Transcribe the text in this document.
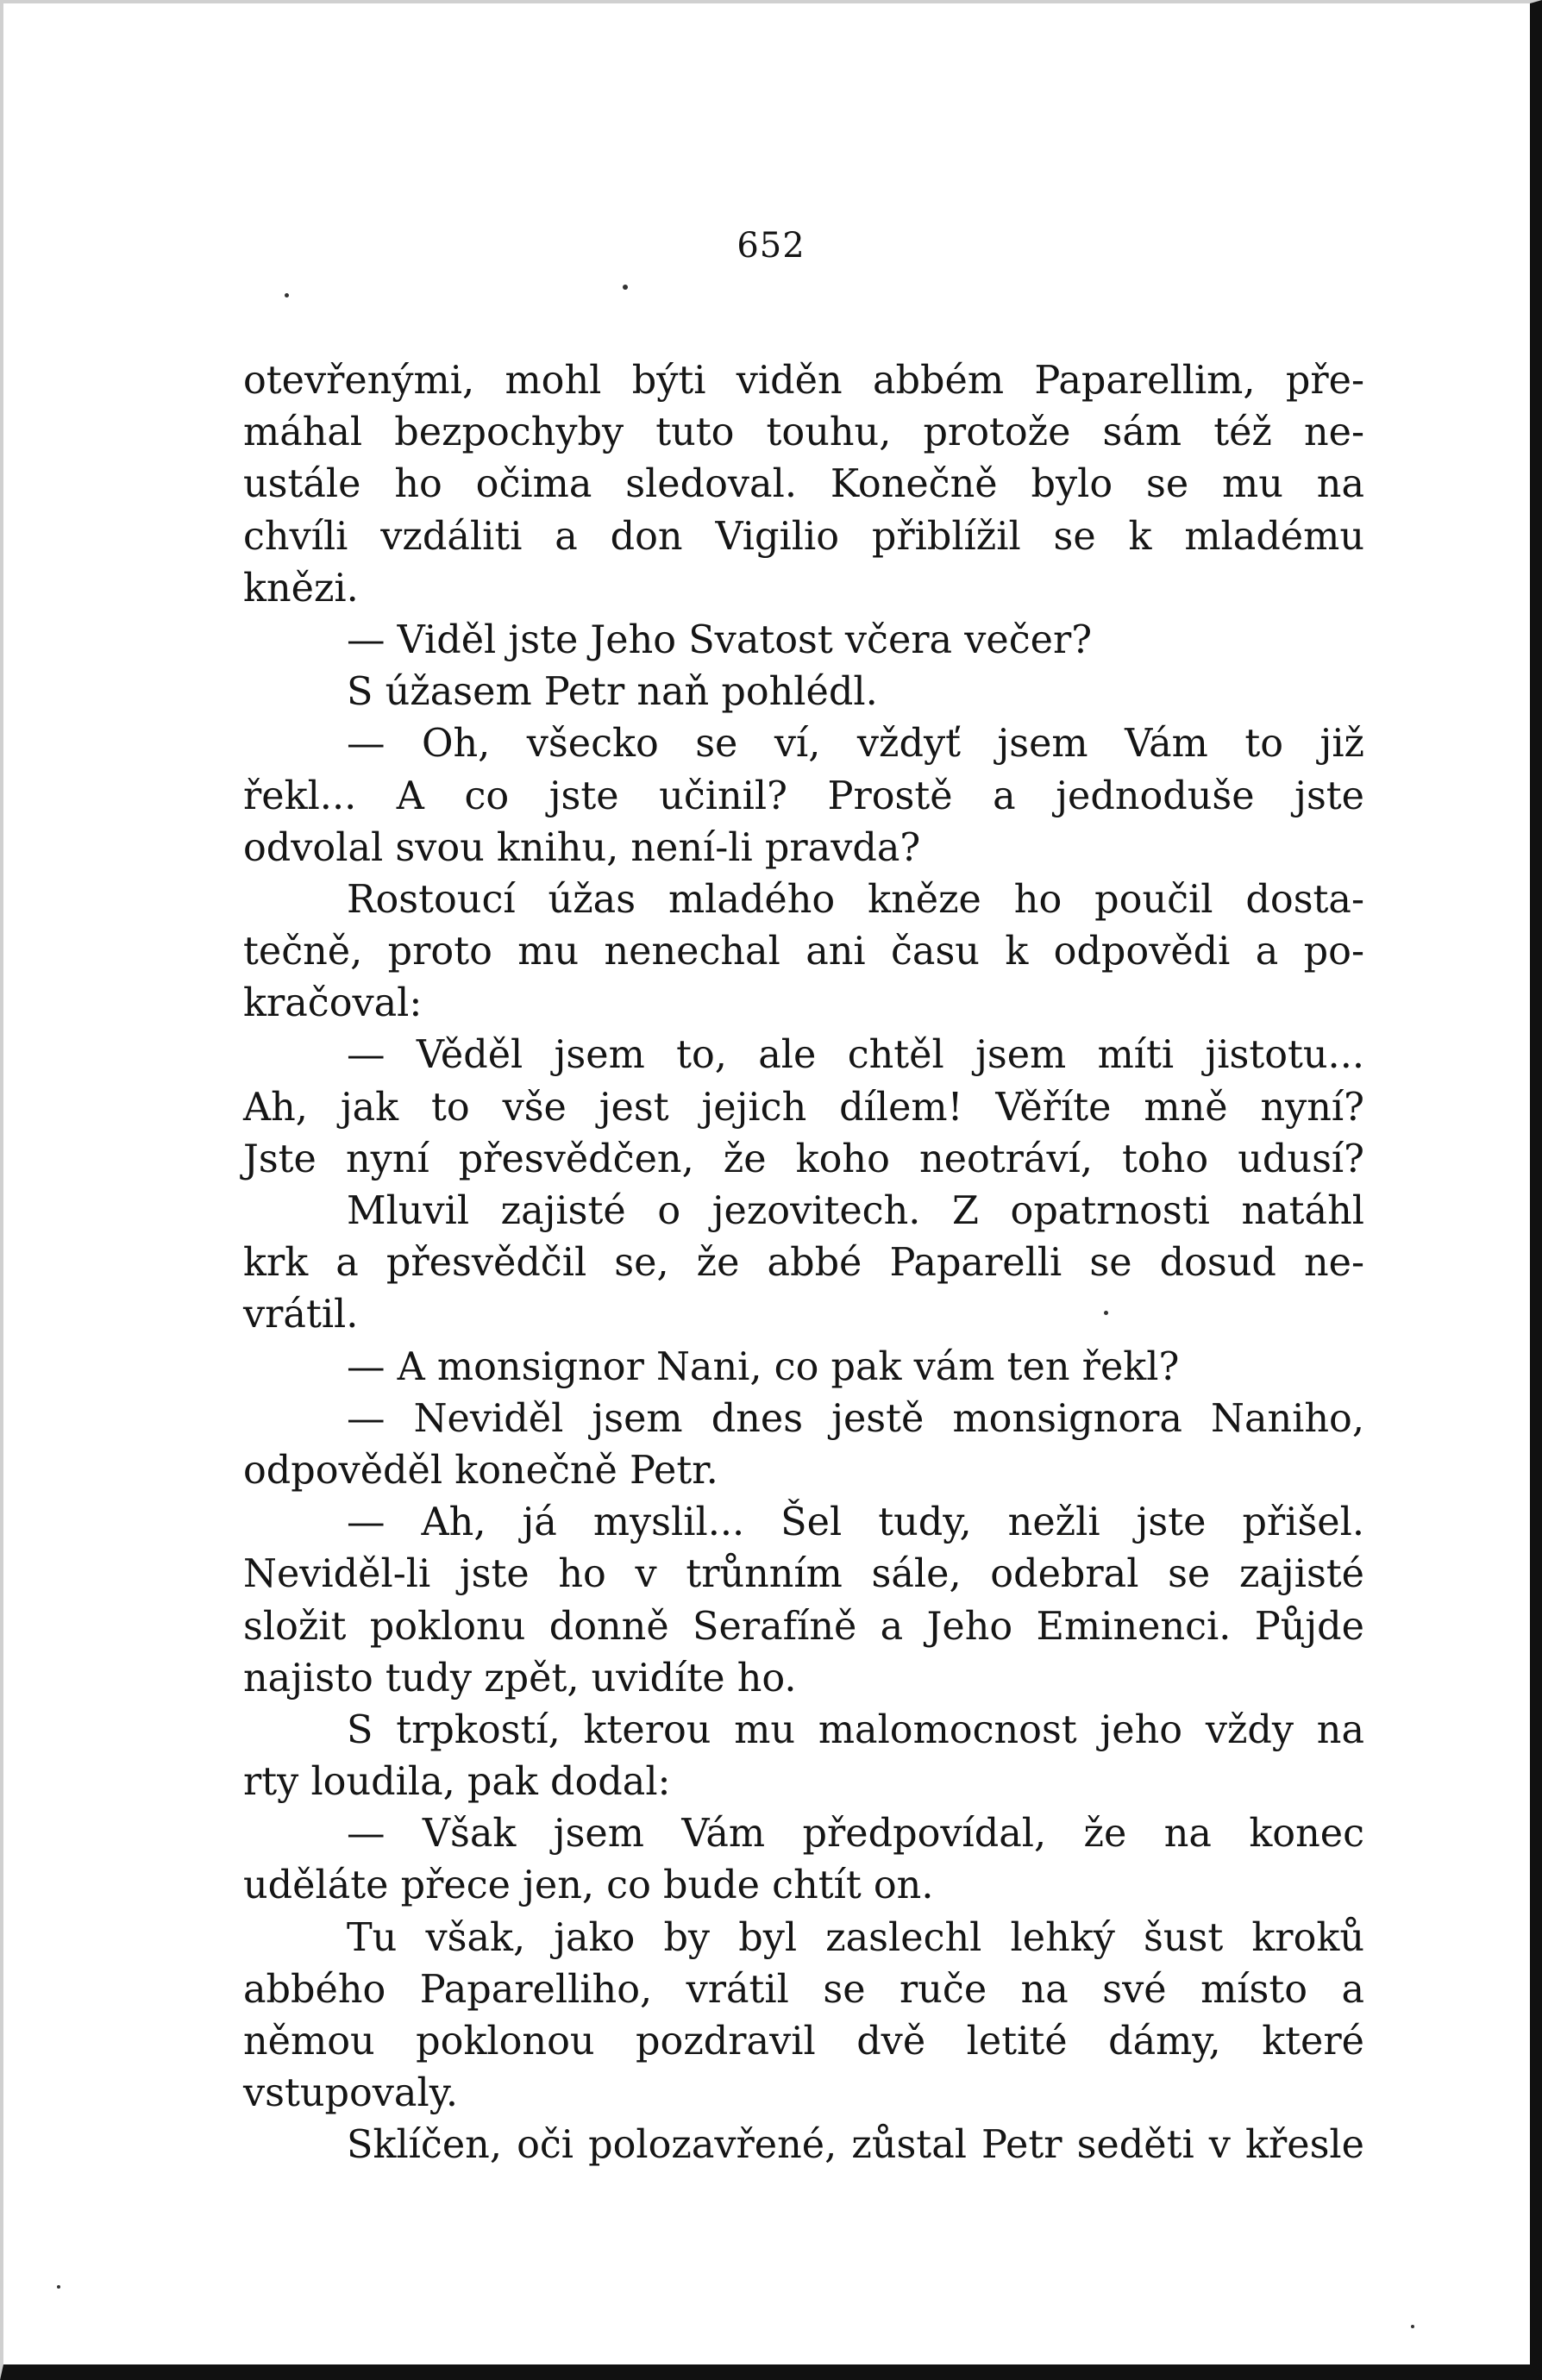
652
otevřenými, mohl býti viděn abbém Paparellim, pře-
máhal bezpochyby tuto touhu, protože sám též ne-
ustále ho očima sledoval. Konečně bylo se mu na
chvíli vzdáliti a don Vigilio přiblížil se k mladému
knězi.
— Viděl jste Jeho Svatost včera večer?
S úžasem Petr naň pohlédl.
— Oh, všecko se ví, vždyť jsem Vám to již
řekl... A co jste učinil? Prostě a jednoduše jste
odvolal svou knihu, není-li pravda?
Rostoucí úžas mladého kněze ho poučil dosta-
tečně, proto mu nenechal ani času k odpovědi a po-
kračoval:
— Věděl jsem to, ale chtěl jsem míti jistotu...
Ah, jak to vše jest jejich dílem! Věříte mně nyní?
Jste nyní přesvědčen, že koho neotráví, toho udusí?
Mluvil zajisté o jezovitech. Z opatrnosti natáhl
krk a přesvědčil se, že abbé Paparelli se dosud ne-
vrátil.
— A monsignor Nani, co pak vám ten řekl?
— Neviděl jsem dnes jestě monsignora Naniho,
odpověděl konečně Petr.
— Ah, já myslil... Šel tudy, nežli jste přišel.
Neviděl-li jste ho v trůnním sále, odebral se zajisté
složit poklonu donně Serafíně a Jeho Eminenci. Půjde
najisto tudy zpět, uvidíte ho.
S trpkostí, kterou mu malomocnost jeho vždy na
rty loudila, pak dodal:
— Však jsem Vám předpovídal, že na konec
uděláte přece jen, co bude chtít on.
Tu však, jako by byl zaslechl lehký šust kroků
abbého Paparelliho, vrátil se ruče na své místo a
němou poklonou pozdravil dvě letité dámy, které
vstupovaly.
Sklíčen, oči polozavřené, zůstal Petr seděti v křesle
